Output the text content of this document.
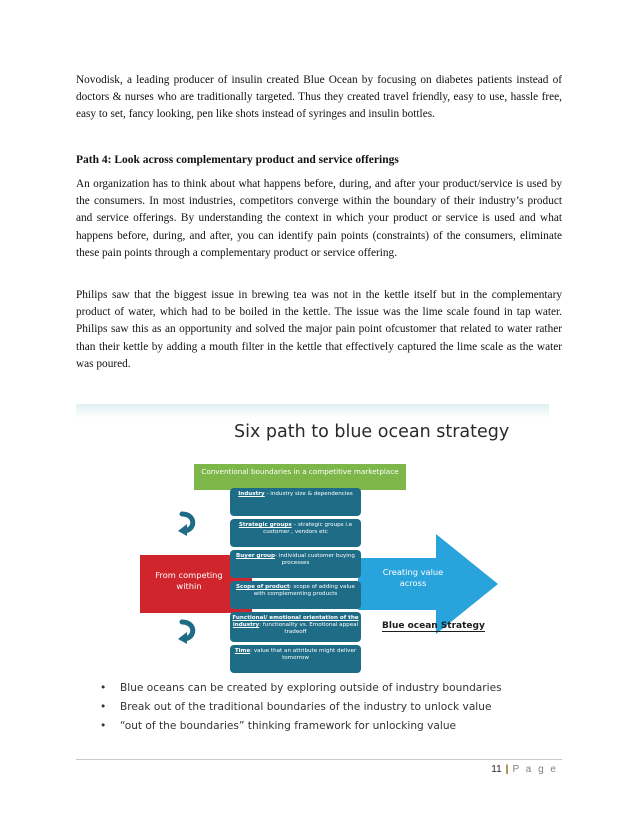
Novodisk, a leading producer of insulin created Blue Ocean by focusing on diabetes patients instead of doctors & nurses who are traditionally targeted. Thus they created travel friendly, easy to use, hassle free, easy to set, fancy looking, pen like shots instead of syringes and insulin bottles.

Path 4: Look across complementary product and service offerings

An organization has to think about what happens before, during, and after your product/service is used by the consumers. In most industries, competitors converge within the boundary of their industry’s product and service offerings. By understanding the context in which your product or service is used and what happens before, during, and after, you can identify pain points (constraints) of the consumers, eliminate these pain points through a complementary product or service offering.

Philips saw that the biggest issue in brewing tea was not in the kettle itself but in the complementary product of water, which had to be boiled in the kettle. The issue was the lime scale found in tap water. Philips saw this as an opportunity and solved the major pain point ofcustomer that related to water rather than their kettle by adding a mouth filter in the kettle that effectively captured the lime scale as the water was poured.

Six path to blue ocean strategy
Conventional boundaries in a competitive marketplace
From competing within
Creating value across
Industry - industry size & dependencies
Strategic groups – strategic groups i.e customer , vendors etc
Buyer group- individual customer buying processes
Scope of product: scope of adding value with complementing products
Functional/ emotional orientation of the industry: functionality vs. Emotional appeal tradeoff
Time: value that an attribute might deliver tomorrow
Blue ocean Strategy
• Blue oceans can be created by exploring outside of industry boundaries
• Break out of the traditional boundaries of the industry to unlock value
• “out of the boundaries” thinking framework for unlocking value
11 | P a g e
